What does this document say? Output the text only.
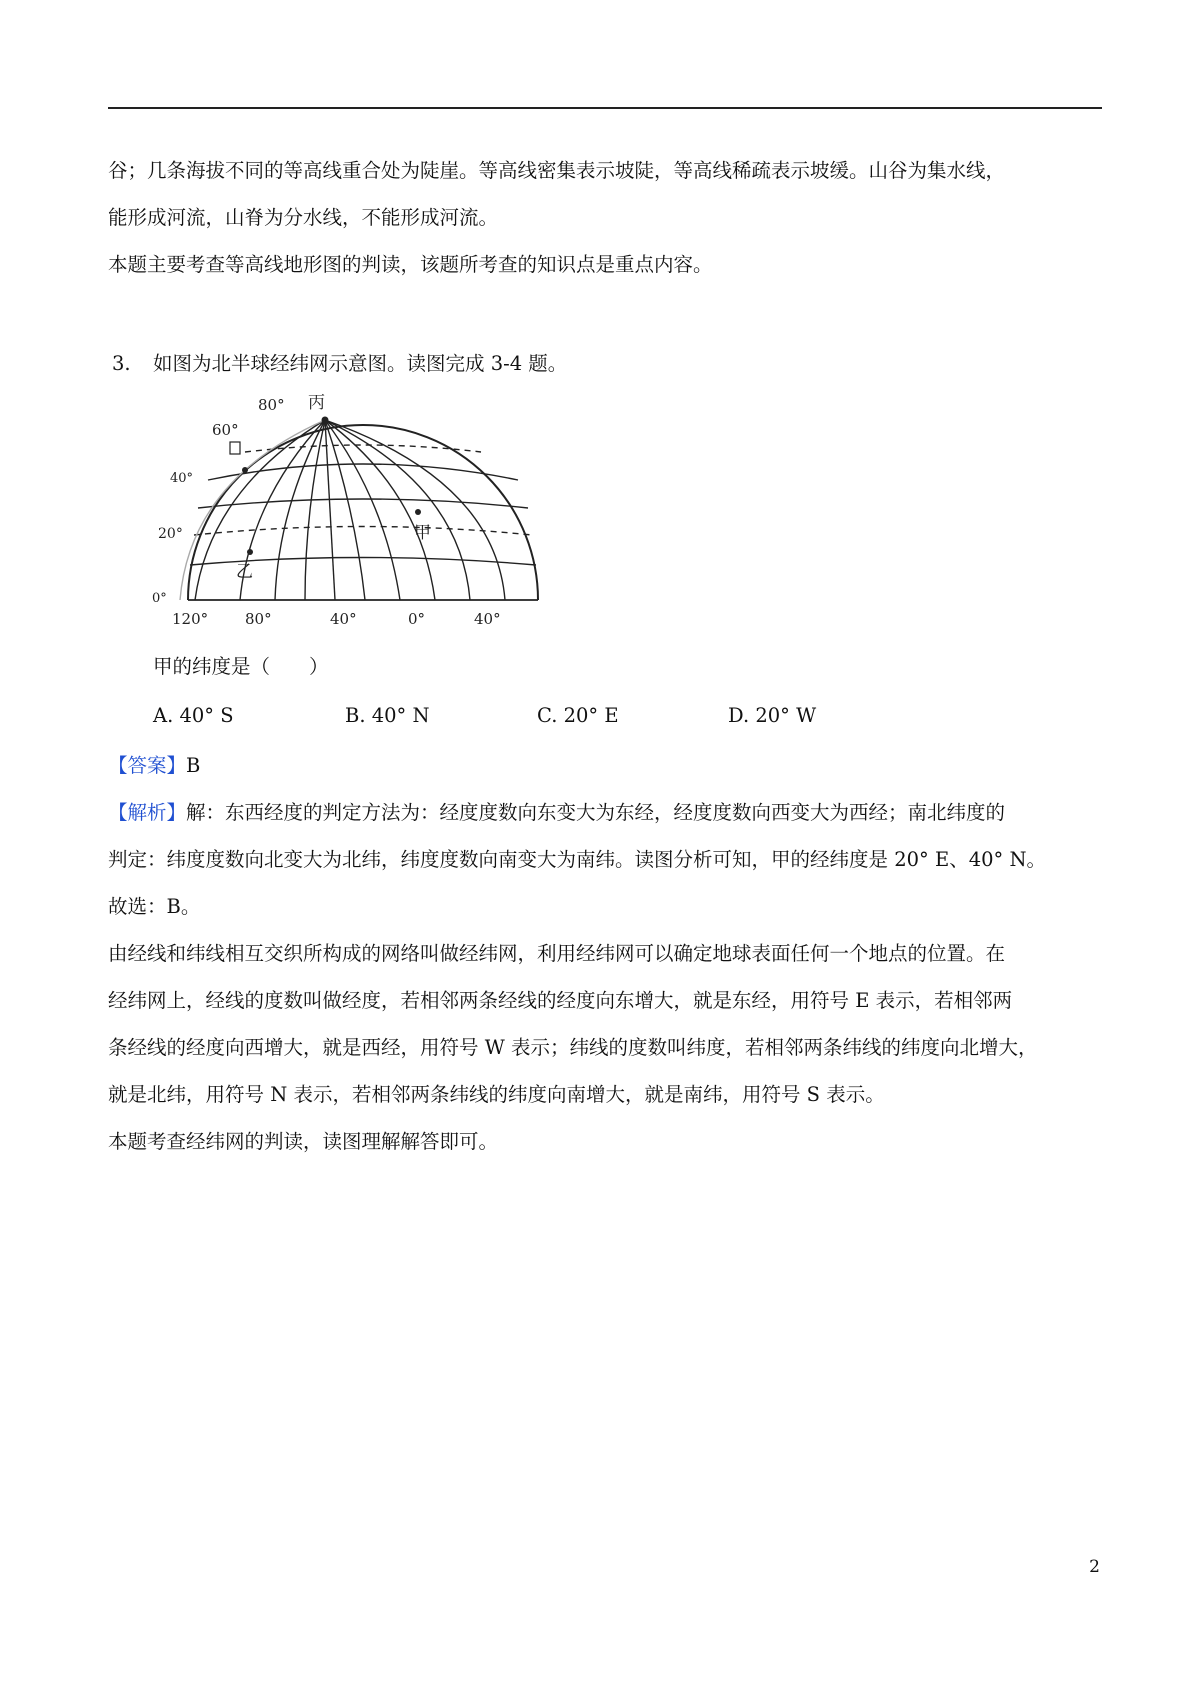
谷；几条海拔不同的等高线重合处为陡崖。等高线密集表示坡陡，等高线稀疏表示坡缓。山谷为集水线，
能形成河流，山脊为分水线，不能形成河流。
本题主要考查等高线地形图的判读，该题所考查的知识点是重点内容。
3. 如图为北半球经纬网示意图。读图完成 3-4 题。
丙
甲
乙
80°
60°
40°
20°
0°
120° 80°	40°	0°	40°
甲的纬度是（　　）
A. 40° S	B. 40° N	C. 20° E	D. 20° W
【答案】B
【解析】解：东西经度的判定方法为：经度度数向东变大为东经，经度度数向西变大为西经；南北纬度的
判定：纬度度数向北变大为北纬，纬度度数向南变大为南纬。读图分析可知，甲的经纬度是 20° E、40° N。
故选：B。
由经线和纬线相互交织所构成的网络叫做经纬网，利用经纬网可以确定地球表面任何一个地点的位置。在
经纬网上，经线的度数叫做经度，若相邻两条经线的经度向东增大，就是东经，用符号 E 表示，若相邻两
条经线的经度向西增大，就是西经，用符号 W 表示；纬线的度数叫纬度，若相邻两条纬线的纬度向北增大，
就是北纬，用符号 N 表示，若相邻两条纬线的纬度向南增大，就是南纬，用符号 S 表示。
本题考查经纬网的判读，读图理解解答即可。
2
